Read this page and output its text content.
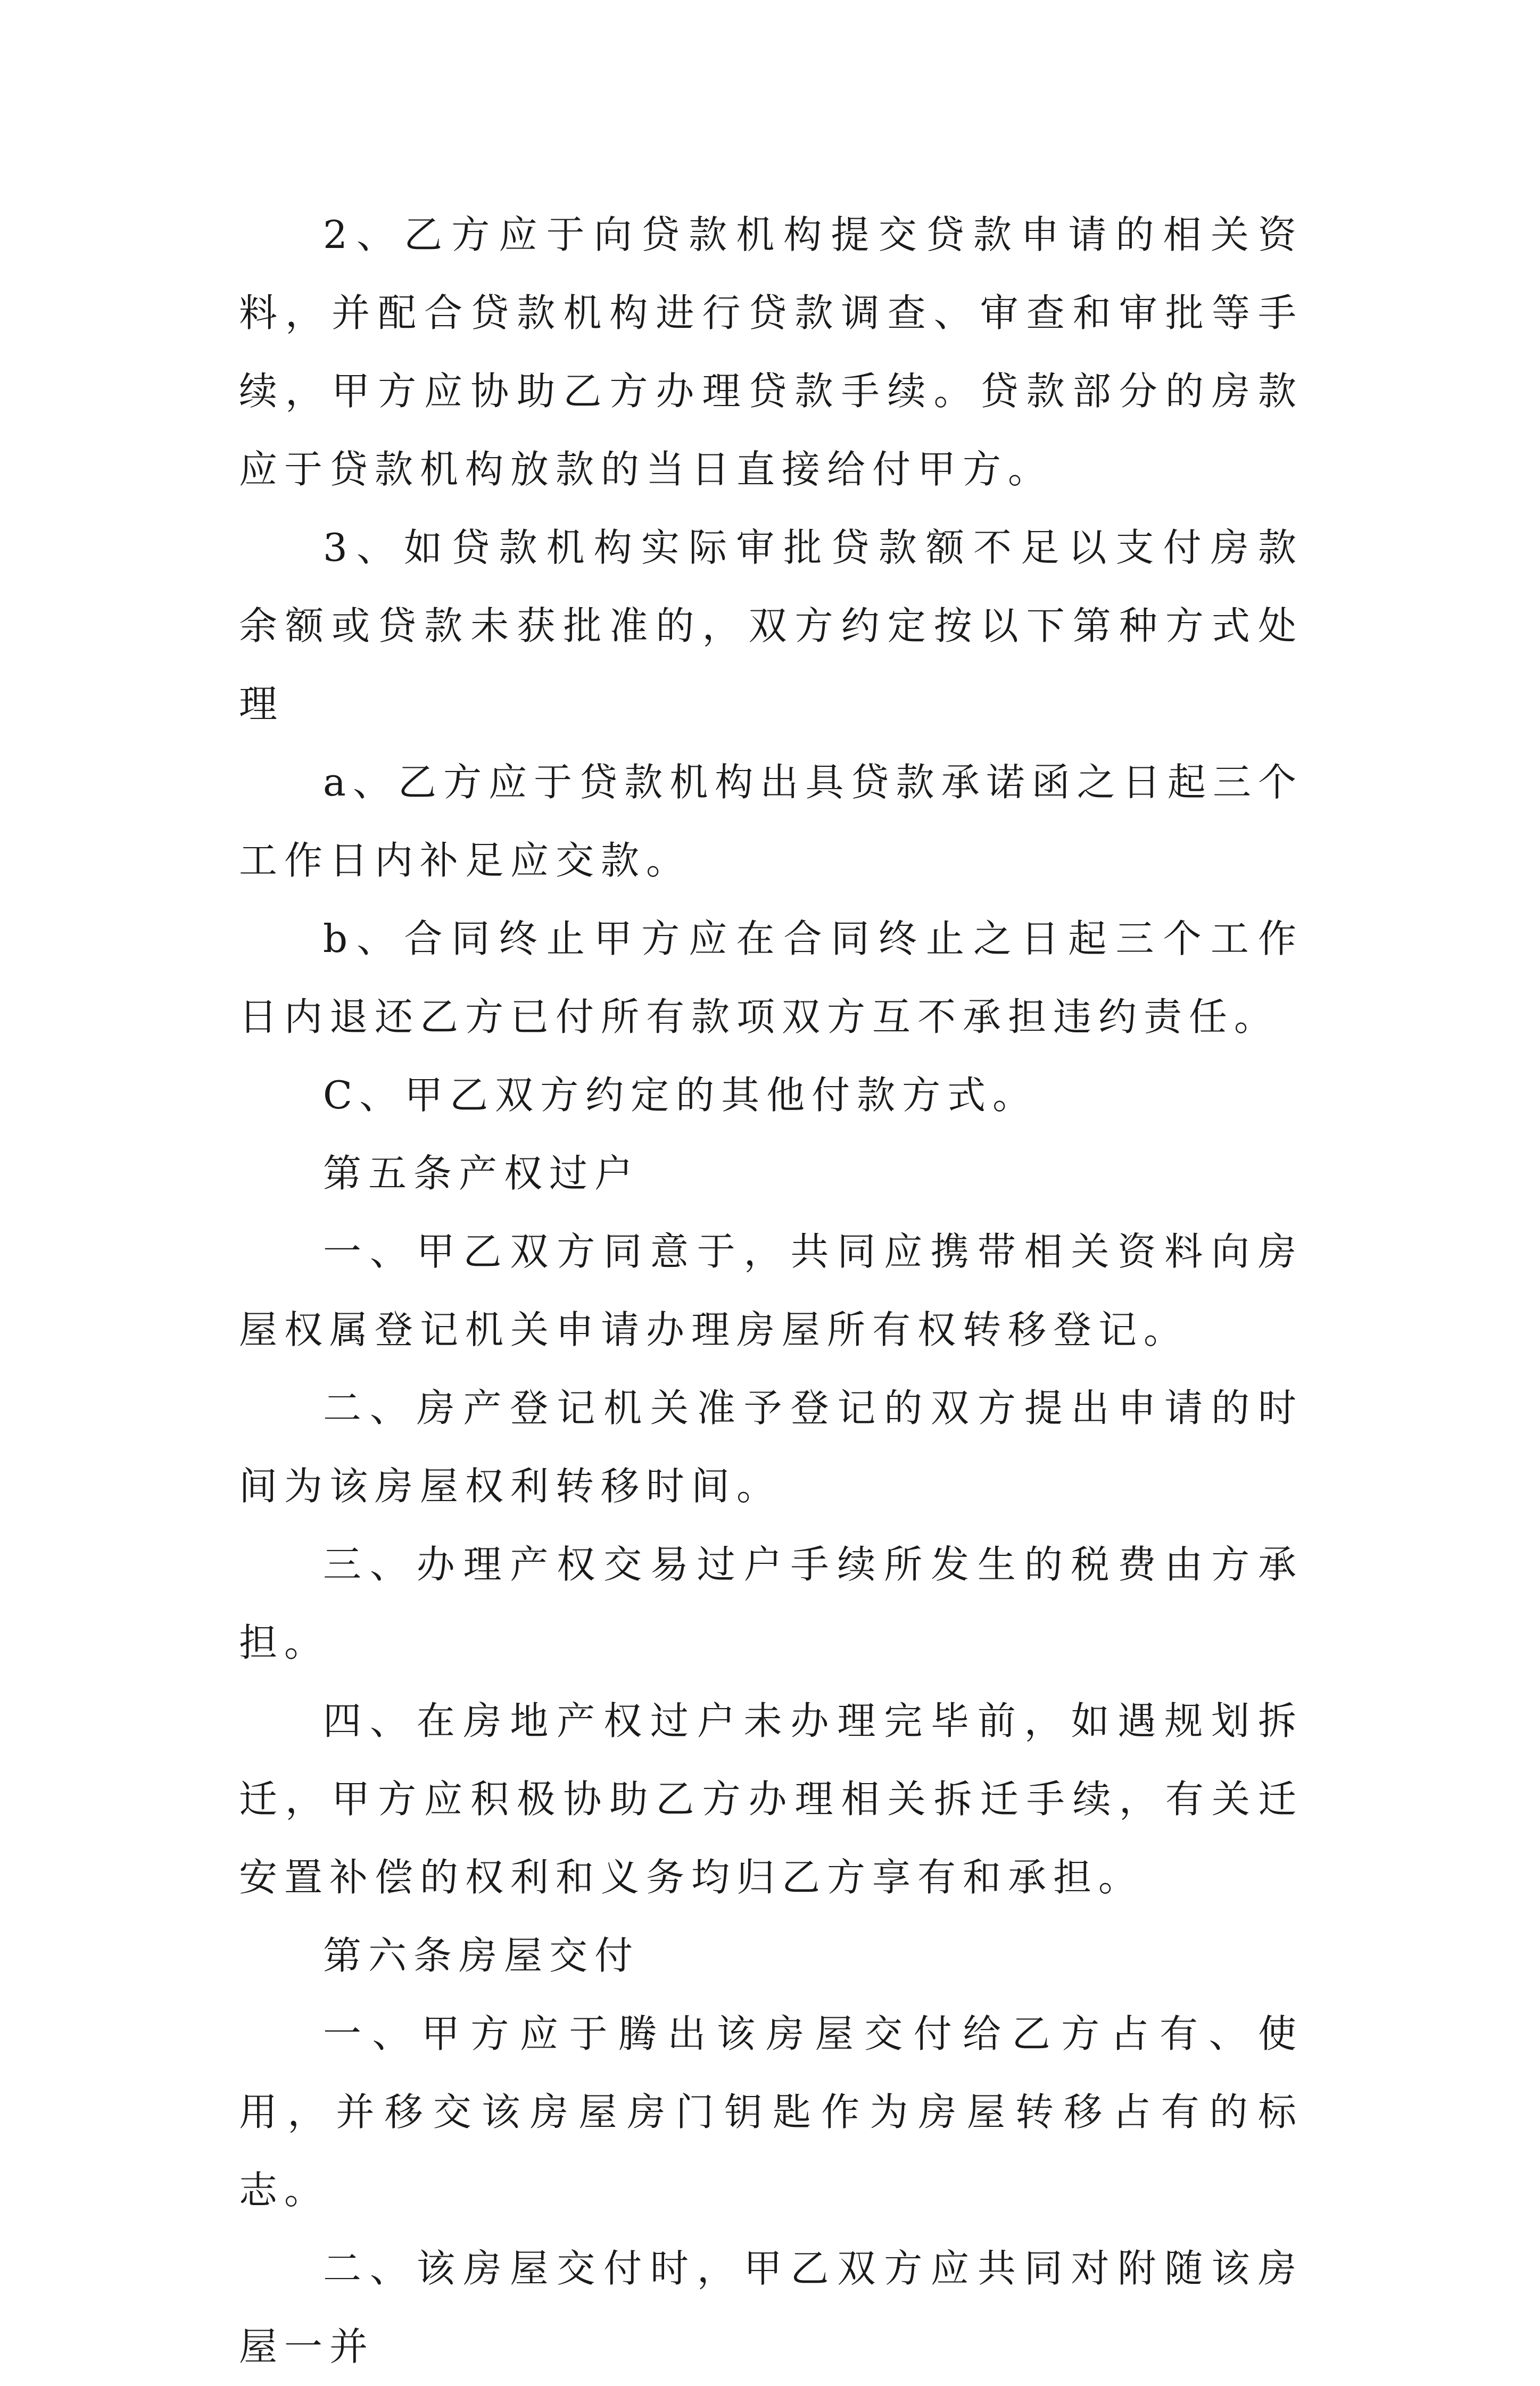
2、乙方应于向贷款机构提交贷款申请的相关资料，并配合贷款机构进行贷款调查、审查和审批等手续，甲方应协助乙方办理贷款手续。贷款部分的房款应于贷款机构放款的当日直接给付甲方。

3、如贷款机构实际审批贷款额不足以支付房款余额或贷款未获批准的，双方约定按以下第种方式处理

a、乙方应于贷款机构出具贷款承诺函之日起三个工作日内补足应交款。

b、合同终止甲方应在合同终止之日起三个工作日内退还乙方已付所有款项双方互不承担违约责任。

C、甲乙双方约定的其他付款方式。

第五条产权过户

一、甲乙双方同意于，共同应携带相关资料向房屋权属登记机关申请办理房屋所有权转移登记。

二、房产登记机关准予登记的双方提出申请的时间为该房屋权利转移时间。

三、办理产权交易过户手续所发生的税费由方承担。

四、在房地产权过户未办理完毕前，如遇规划拆迁，甲方应积极协助乙方办理相关拆迁手续，有关迁安置补偿的权利和义务均归乙方享有和承担。

第六条房屋交付

一、甲方应于腾出该房屋交付给乙方占有、使用，并移交该房屋房门钥匙作为房屋转移占有的标志。

二、该房屋交付时，甲乙双方应共同对附随该房屋一并
